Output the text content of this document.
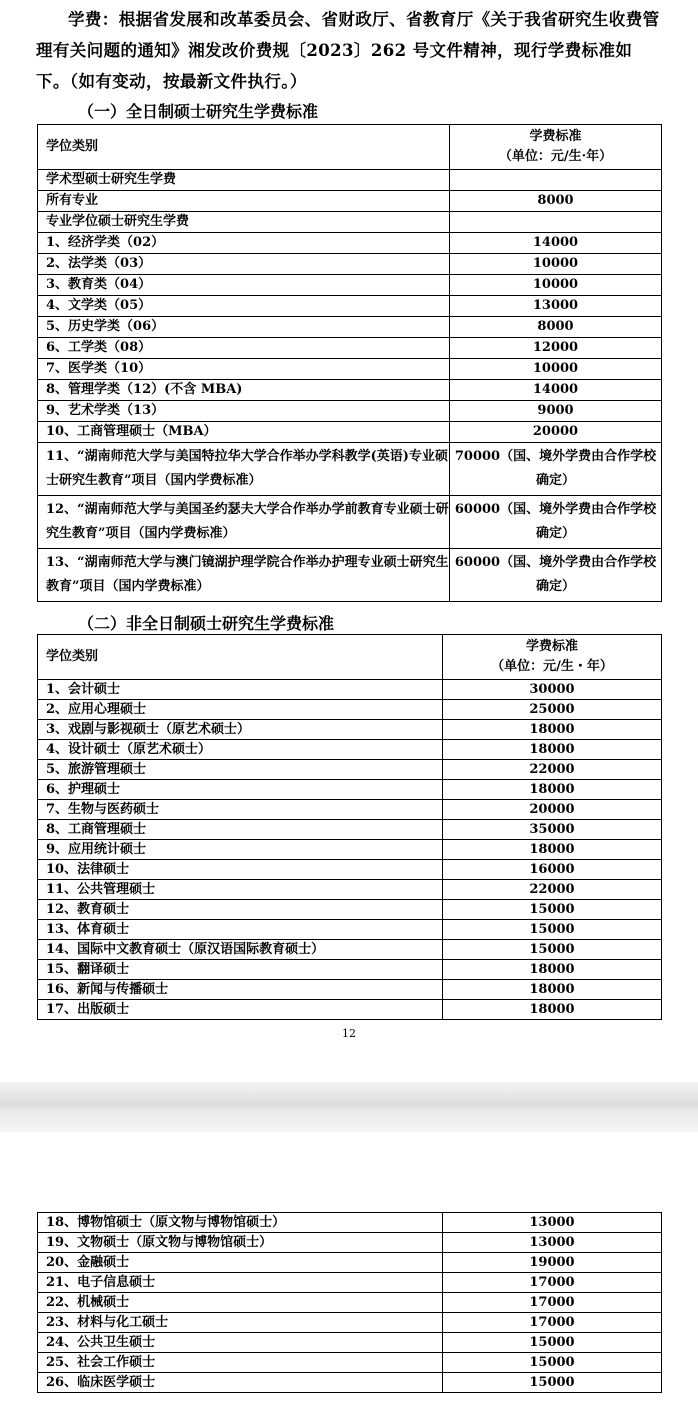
学费：根据省发展和改革委员会、省财政厅、省教育厅《关于我省研究生收费管理有关问题的通知》湘发改价费规〔2023〕262 号文件精神，现行学费标准如下。（如有变动，按最新文件执行。）

（一）全日制硕士研究生学费标准

学位类别	学费标准
（单位：元/生·年）
学术型硕士研究生学费	
所有专业	8000
专业学位硕士研究生学费	
1、经济学类（02）	14000
2、法学类（03）	10000
3、教育类（04）	10000
4、文学类（05）	13000
5、历史学类（06）	8000
6、工学类（08）	12000
7、医学类（10）	10000
8、管理学类（12）(不含 MBA)	14000
9、艺术学类（13）	9000
10、工商管理硕士（MBA）	20000
11、“湖南师范大学与美国特拉华大学合作举办学科教学(英语)专业硕士研究生教育”项目（国内学费标准）	70000（国、境外学费由合作学校确定）
12、“湖南师范大学与美国圣约瑟夫大学合作举办学前教育专业硕士研究生教育”项目（国内学费标准）	60000（国、境外学费由合作学校确定）
13、“湖南师范大学与澳门镜湖护理学院合作举办护理专业硕士研究生教育”项目（国内学费标准）	60000（国、境外学费由合作学校确定）

（二）非全日制硕士研究生学费标准

学位类别	学费标准
（单位：元/生・年）
1、会计硕士	30000
2、应用心理硕士	25000
3、戏剧与影视硕士（原艺术硕士）	18000
4、设计硕士（原艺术硕士）	18000
5、旅游管理硕士	22000
6、护理硕士	18000
7、生物与医药硕士	20000
8、工商管理硕士	35000
9、应用统计硕士	18000
10、法律硕士	16000
11、公共管理硕士	22000
12、教育硕士	15000
13、体育硕士	15000
14、国际中文教育硕士（原汉语国际教育硕士）	15000
15、翻译硕士	18000
16、新闻与传播硕士	18000
17、出版硕士	18000
12
18、博物馆硕士（原文物与博物馆硕士）	13000
19、文物硕士（原文物与博物馆硕士）	13000
20、金融硕士	19000
21、电子信息硕士	17000
22、机械硕士	17000
23、材料与化工硕士	17000
24、公共卫生硕士	15000
25、社会工作硕士	15000
26、临床医学硕士	15000
